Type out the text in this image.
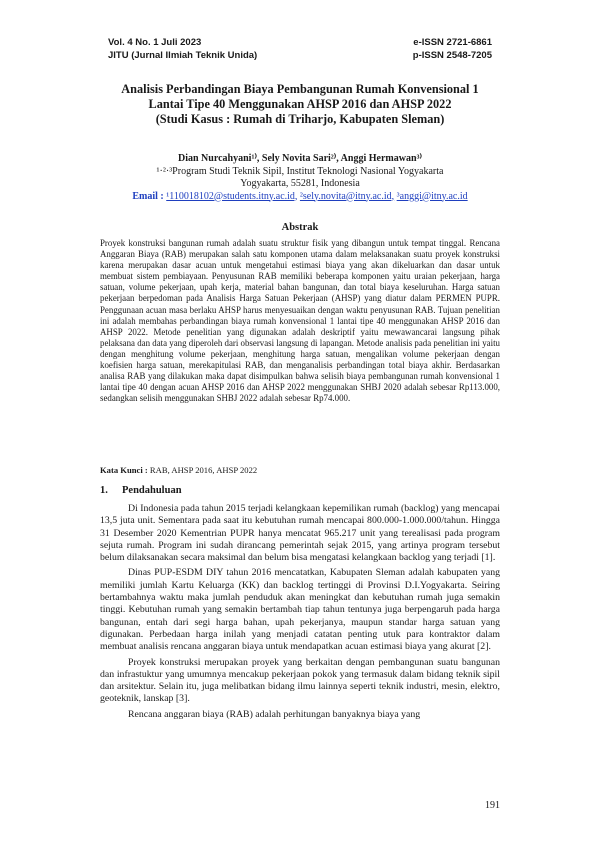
Vol. 4 No. 1 Juli 2023
JITU (Jurnal Ilmiah Teknik Unida)
e-ISSN 2721-6861
p-ISSN 2548-7205
Analisis Perbandingan Biaya Pembangunan Rumah Konvensional 1
Lantai Tipe 40 Menggunakan AHSP 2016 dan AHSP 2022
(Studi Kasus : Rumah di Triharjo, Kabupaten Sleman)
Dian Nurcahyani¹⁾, Sely Novita Sari²⁾, Anggi Hermawan³⁾
¹·²·³Program Studi Teknik Sipil, Institut Teknologi Nasional Yogyakarta
Yogyakarta, 55281, Indonesia
Email : ¹110018102@students.itny.ac.id, ²sely.novita@itny.ac.id, ³anggi@itny.ac.id
Abstrak
Proyek konstruksi bangunan rumah adalah suatu struktur fisik yang dibangun untuk tempat tinggal. Rencana Anggaran Biaya (RAB) merupakan salah satu komponen utama dalam melaksanakan suatu proyek konstruksi karena merupakan dasar acuan untuk mengetahui estimasi biaya yang akan dikeluarkan dan dasar untuk membuat sistem pembiayaan. Penyusunan RAB memiliki beberapa komponen yaitu uraian pekerjaan, harga satuan, volume pekerjaan, upah kerja, material bahan bangunan, dan total biaya keseluruhan. Harga satuan pekerjaan berpedoman pada Analisis Harga Satuan Pekerjaan (AHSP) yang diatur dalam PERMEN PUPR. Penggunaan acuan masa berlaku AHSP harus menyesuaikan dengan waktu penyusunan RAB. Tujuan penelitian ini adalah membahas perbandingan biaya rumah konvensional 1 lantai tipe 40 menggunakan AHSP 2016 dan AHSP 2022. Metode penelitian yang digunakan adalah deskriptif yaitu mewawancarai langsung pihak pelaksana dan data yang diperoleh dari observasi langsung di lapangan. Metode analisis pada penelitian ini yaitu dengan menghitung volume pekerjaan, menghitung harga satuan, mengalikan volume pekerjaan dengan koefisien harga satuan, merekapitulasi RAB, dan menganalisis perbandingan total biaya akhir. Berdasarkan analisa RAB yang dilakukan maka dapat disimpulkan bahwa selisih biaya pembangunan rumah konvensional 1 lantai tipe 40 dengan acuan AHSP 2016 dan AHSP 2022 menggunakan SHBJ 2020 adalah sebesar Rp113.000, sedangkan selisih menggunakan SHBJ 2022 adalah sebesar Rp74.000.
Kata Kunci : RAB, AHSP 2016, AHSP 2022
1. Pendahuluan

Di Indonesia pada tahun 2015 terjadi kelangkaan kepemilikan rumah (backlog) yang mencapai 13,5 juta unit. Sementara pada saat itu kebutuhan rumah mencapai 800.000-1.000.000/tahun. Hingga 31 Desember 2020 Kementrian PUPR hanya mencatat 965.217 unit yang terealisasi pada program sejuta rumah. Program ini sudah dirancang pemerintah sejak 2015, yang artinya program tersebut belum dilaksanakan secara maksimal dan belum bisa mengatasi kelangkaan backlog yang terjadi [1].

Dinas PUP-ESDM DIY tahun 2016 mencatatkan, Kabupaten Sleman adalah kabupaten yang memiliki jumlah Kartu Keluarga (KK) dan backlog tertinggi di Provinsi D.I.Yogyakarta. Seiring bertambahnya waktu maka jumlah penduduk akan meningkat dan kebutuhan rumah juga semakin tinggi. Kebutuhan rumah yang semakin bertambah tiap tahun tentunya juga berpengaruh pada harga bangunan, entah dari segi harga bahan, upah pekerjanya, maupun standar harga satuan yang digunakan. Perbedaan harga inilah yang menjadi catatan penting utuk para kontraktor dalam membuat analisis rencana anggaran biaya untuk mendapatkan acuan estimasi biaya yang akurat [2].

Proyek konstruksi merupakan proyek yang berkaitan dengan pembangunan suatu bangunan dan infrastuktur yang umumnya mencakup pekerjaan pokok yang termasuk dalam bidang teknik sipil dan arsitektur. Selain itu, juga melibatkan bidang ilmu lainnya seperti teknik industri, mesin, elektro, geoteknik, lanskap [3].

Rencana anggaran biaya (RAB) adalah perhitungan banyaknya biaya yang

191
